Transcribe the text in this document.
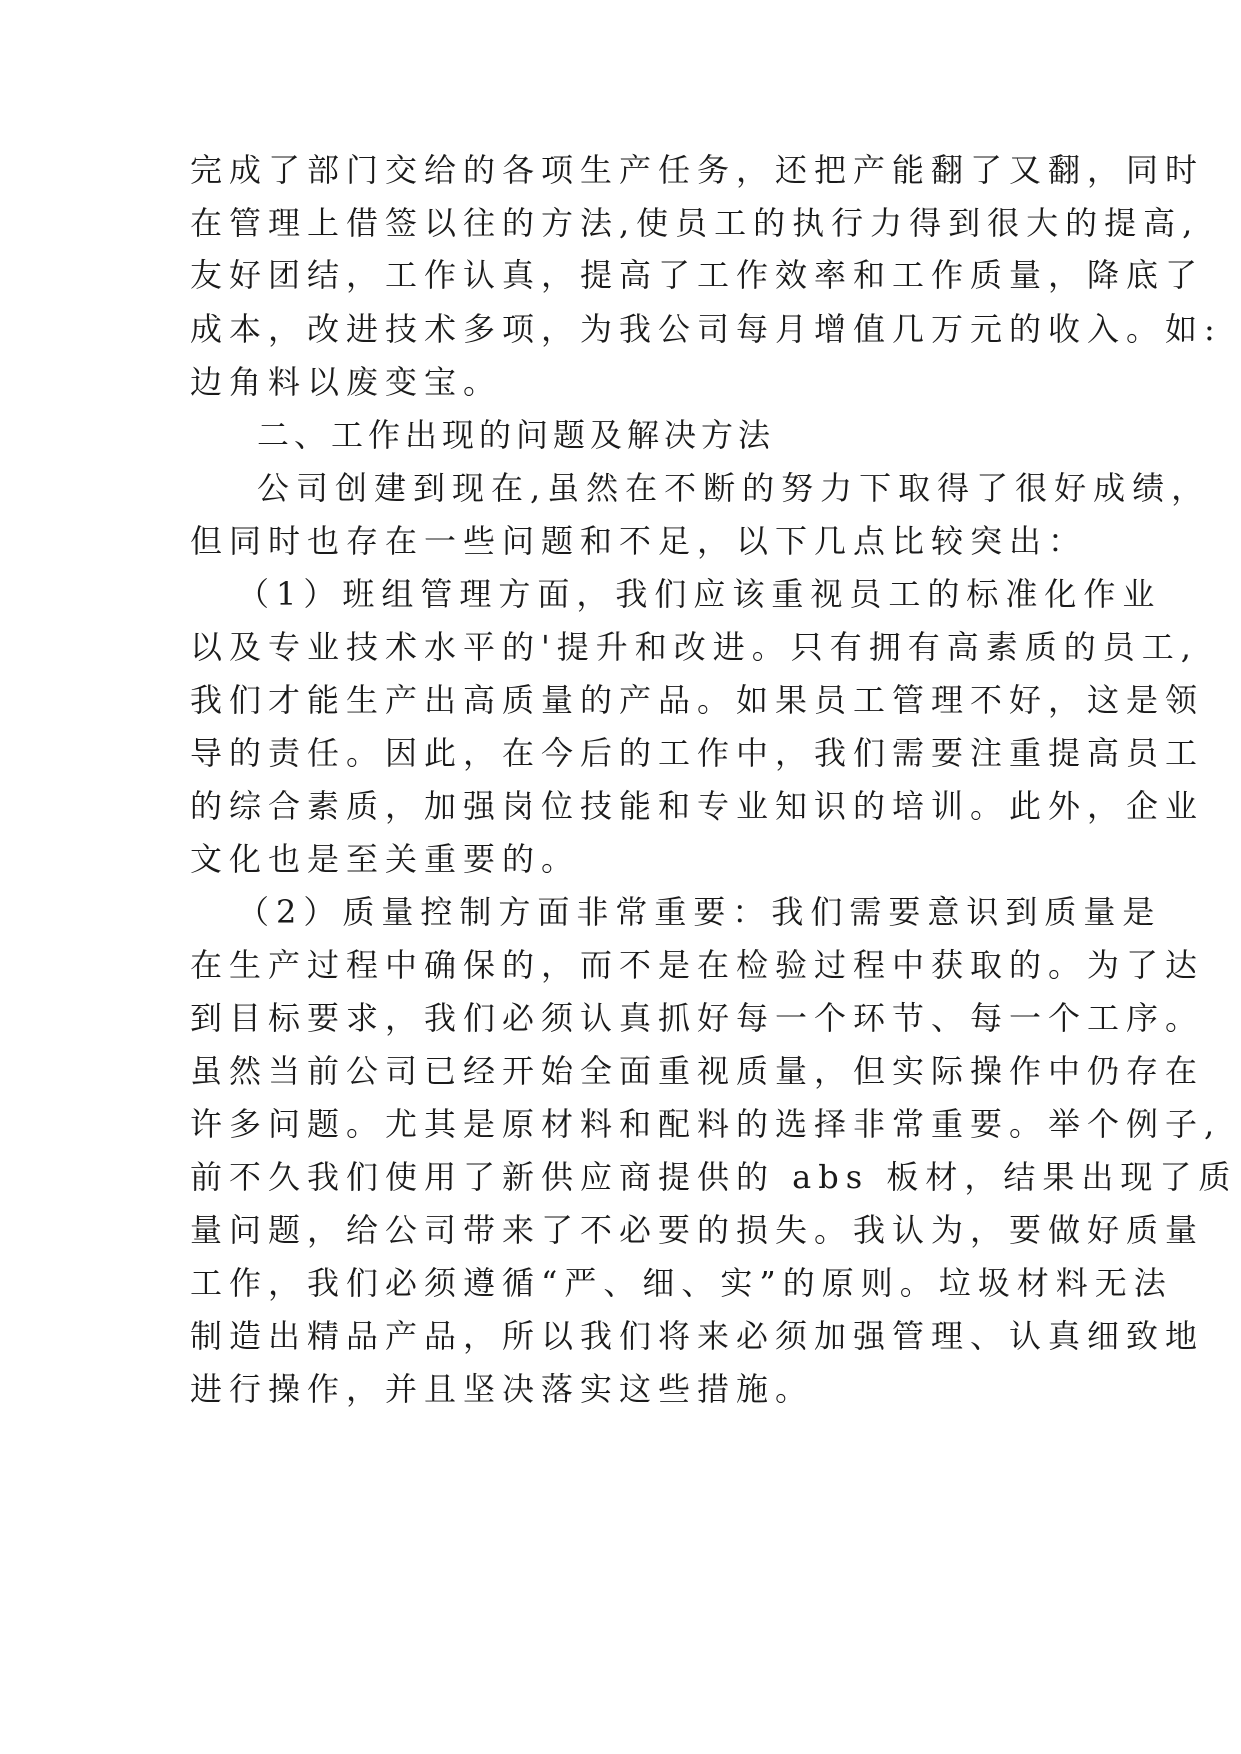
完成了部门交给的各项生产任务，还把产能翻了又翻，同时
在管理上借签以往的方法,使员工的执行力得到很大的提高,
友好团结，工作认真，提高了工作效率和工作质量，降底了
成本，改进技术多项，为我公司每月增值几万元的收入。如:
边角料以废变宝。
二、工作出现的问题及解决方法
公司创建到现在,虽然在不断的努力下取得了很好成绩，
但同时也存在一些问题和不足，以下几点比较突出：
（1）班组管理方面，我们应该重视员工的标准化作业
以及专业技术水平的'提升和改进。只有拥有高素质的员工,
我们才能生产出高质量的产品。如果员工管理不好，这是领
导的责任。因此，在今后的工作中，我们需要注重提高员工
的综合素质，加强岗位技能和专业知识的培训。此外，企业
文化也是至关重要的。
（2）质量控制方面非常重要：我们需要意识到质量是
在生产过程中确保的，而不是在检验过程中获取的。为了达
到目标要求，我们必须认真抓好每一个环节、每一个工序。
虽然当前公司已经开始全面重视质量，但实际操作中仍存在
许多问题。尤其是原材料和配料的选择非常重要。举个例子,
前不久我们使用了新供应商提供的 abs 板材，结果出现了质
量问题，给公司带来了不必要的损失。我认为，要做好质量
工作，我们必须遵循“严、细、实”的原则。垃圾材料无法
制造出精品产品，所以我们将来必须加强管理、认真细致地
进行操作，并且坚决落实这些措施。
